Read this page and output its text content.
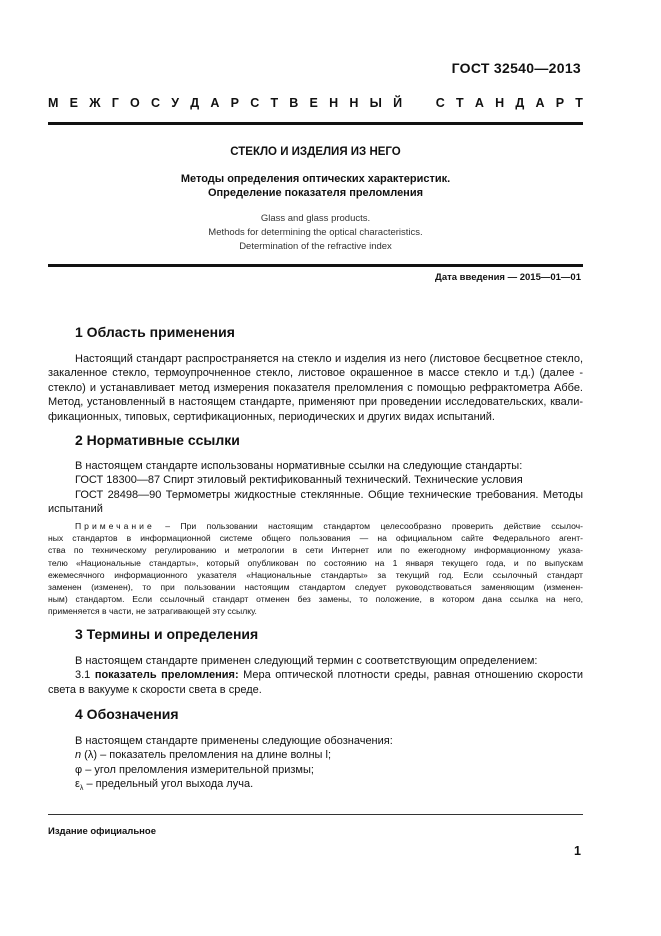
ГОСТ 32540—2013
М Е Ж Г О С У Д А Р С Т В Е Н Н Ы Й	С Т А Н Д А Р Т
СТЕКЛО И ИЗДЕЛИЯ ИЗ НЕГО
Методы определения оптических характеристик.
Определение показателя преломления
Glass and glass products.
Methods for determining the optical characteristics.
Determination of the refractive index
Дата введения — 2015—01—01
1 Область применения
Настоящий стандарт распространяется на стекло и изделия из него (листовое бесцветное стекло,
закаленное стекло, термоупрочненное стекло, листовое окрашенное в массе стекло и т.д.) (далее -
стекло) и устанавливает метод измерения показателя преломления с помощью рефрактометра Аббе.
Метод, установленный в настоящем стандарте, применяют при проведении исследовательских, квали-
фикационных, типовых, сертификационных, периодических и других видах испытаний.
2 Нормативные ссылки
В настоящем стандарте использованы нормативные ссылки на следующие стандарты:
ГОСТ 18300—87 Спирт этиловый ректификованный технический. Технические условия
ГОСТ 28498—90 Термометры жидкостные стеклянные. Общие технические требования. Методы
испытаний
Примечание – При пользовании настоящим стандартом целесообразно проверить действие ссылоч-
ных стандартов в информационной системе общего пользования — на официальном сайте Федерального агент-
ства по техническому регулированию и метрологии в сети Интернет или по ежегодному информационному указа-
телю «Национальные стандарты», который опубликован по состоянию на 1 января текущего года, и по выпускам
ежемесячного информационного указателя «Национальные стандарты» за текущий год. Если ссылочный стандарт
заменен (изменен), то при пользовании настоящим стандартом следует руководствоваться заменяющим (изменен-
ным) стандартом. Если ссылочный стандарт отменен без замены, то положение, в котором дана ссылка на него,
применяется в части, не затрагивающей эту ссылку.
3 Термины и определения
В настоящем стандарте применен следующий термин с соответствующим определением:
3.1 показатель преломления: Мера оптической плотности среды, равная отношению скорости
света в вакууме к скорости света в среде.
4 Обозначения
В настоящем стандарте применены следующие обозначения:
n (λ) – показатель преломления на длине волны l;
φ – угол преломления измерительной призмы;
$\varepsilon_\lambda$ – предельный угол выхода луча.
Издание официальное
1
